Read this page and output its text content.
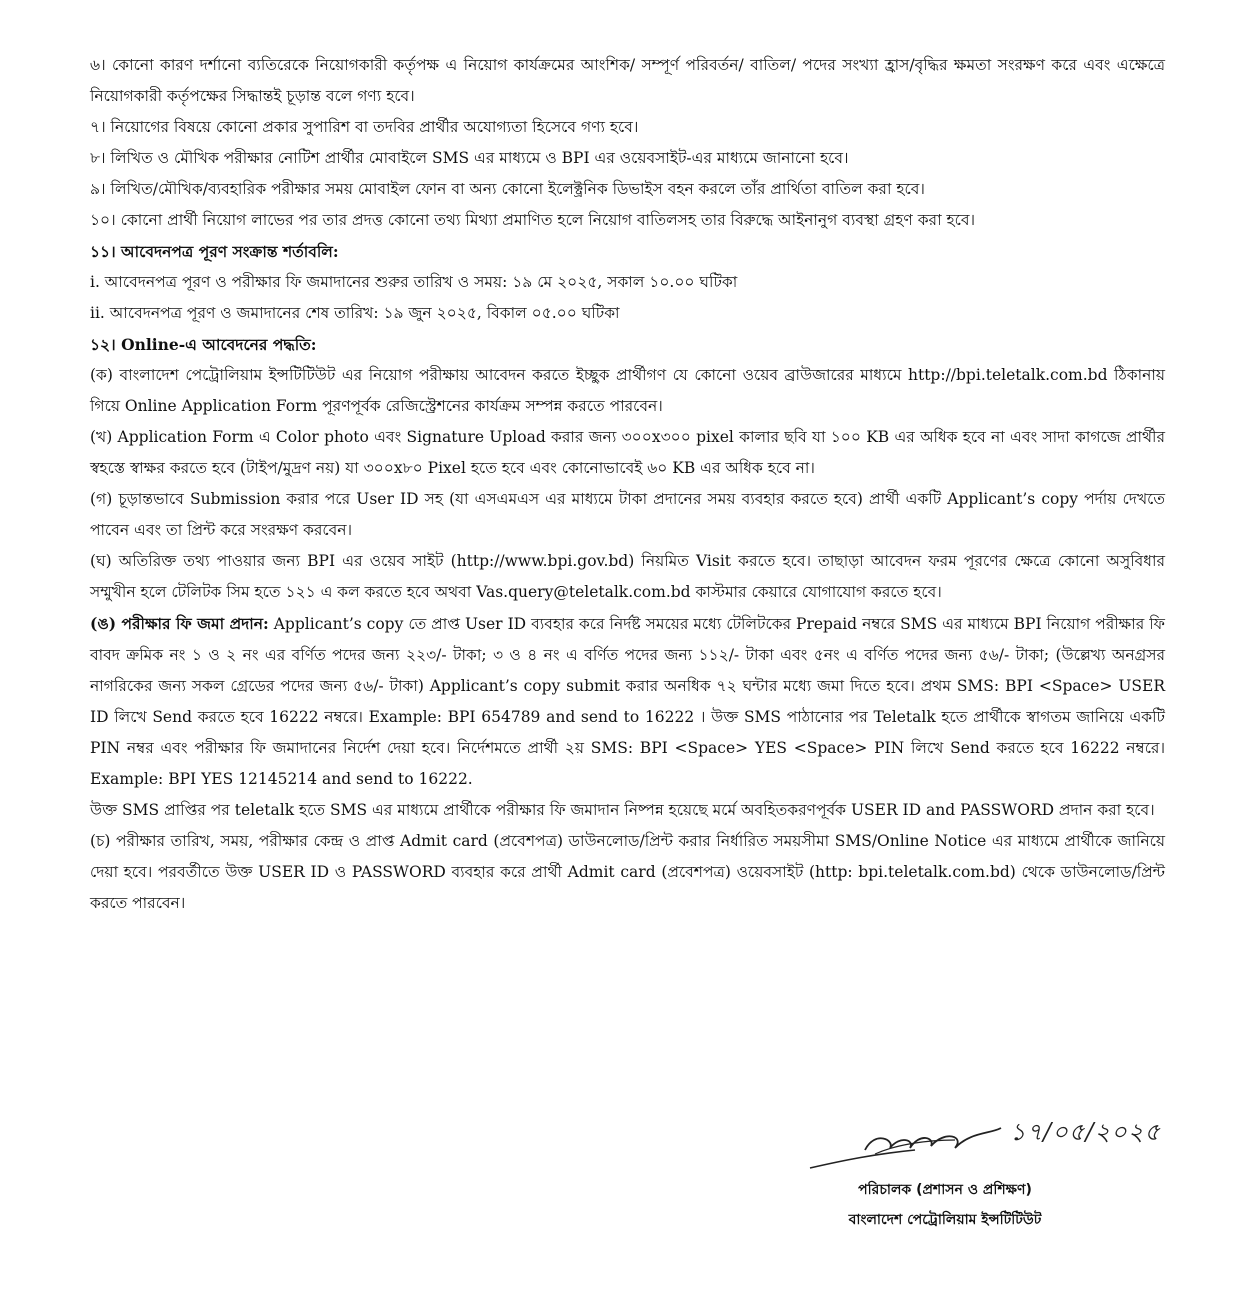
৬। কোনো কারণ দর্শানো ব্যতিরেকে নিয়োগকারী কর্তৃপক্ষ এ নিয়োগ কার্যক্রমের আংশিক/ সম্পূর্ণ পরিবর্তন/ বাতিল/ পদের সংখ্যা হ্রাস/বৃদ্ধির ক্ষমতা সংরক্ষণ করে এবং এক্ষেত্রে নিয়োগকারী কর্তৃপক্ষের সিদ্ধান্তই চূড়ান্ত বলে গণ্য হবে।

৭। নিয়োগের বিষয়ে কোনো প্রকার সুপারিশ বা তদবির প্রার্থীর অযোগ্যতা হিসেবে গণ্য হবে।

৮। লিখিত ও মৌখিক পরীক্ষার নোটিশ প্রার্থীর মোবাইলে SMS এর মাধ্যমে ও BPI এর ওয়েবসাইট-এর মাধ্যমে জানানো হবে।

৯। লিখিত/মৌখিক/ব্যবহারিক পরীক্ষার সময় মোবাইল ফোন বা অন্য কোনো ইলেক্ট্রনিক ডিভাইস বহন করলে তাঁর প্রার্থিতা বাতিল করা হবে।

১০। কোনো প্রার্থী নিয়োগ লাভের পর তার প্রদত্ত কোনো তথ্য মিথ্যা প্রমাণিত হলে নিয়োগ বাতিলসহ তার বিরুদ্ধে আইনানুগ ব্যবস্থা গ্রহণ করা হবে।

১১। আবেদনপত্র পূরণ সংক্রান্ত শর্তাবলি:

i. আবেদনপত্র পূরণ ও পরীক্ষার ফি জমাদানের শুরুর তারিখ ও সময়: ১৯ মে ২০২৫, সকাল ১০.০০ ঘটিকা

ii. আবেদনপত্র পূরণ ও জমাদানের শেষ তারিখ: ১৯ জুন ২০২৫, বিকাল ০৫.০০ ঘটিকা

১২। Online-এ আবেদনের পদ্ধতি:

(ক) বাংলাদেশ পেট্রোলিয়াম ইন্সটিটিউট এর নিয়োগ পরীক্ষায় আবেদন করতে ইচ্ছুক প্রার্থীগণ যে কোনো ওয়েব ব্রাউজারের মাধ্যমে http://bpi.teletalk.com.bd ঠিকানায় গিয়ে Online Application Form পূরণপূর্বক রেজিস্ট্রেশনের কার্যক্রম সম্পন্ন করতে পারবেন।

(খ) Application Form এ Color photo এবং Signature Upload করার জন্য ৩০০x৩০০ pixel কালার ছবি যা ১০০ KB এর অধিক হবে না এবং সাদা কাগজে প্রার্থীর স্বহস্তে স্বাক্ষর করতে হবে (টাইপ/মুদ্রণ নয়) যা ৩০০x৮০ Pixel হতে হবে এবং কোনোভাবেই ৬০ KB এর অধিক হবে না।

(গ) চূড়ান্তভাবে Submission করার পরে User ID সহ (যা এসএমএস এর মাধ্যমে টাকা প্রদানের সময় ব্যবহার করতে হবে) প্রার্থী একটি Applicant’s copy পর্দায় দেখতে পাবেন এবং তা প্রিন্ট করে সংরক্ষণ করবেন।

(ঘ) অতিরিক্ত তথ্য পাওয়ার জন্য BPI এর ওয়েব সাইট (http://www.bpi.gov.bd) নিয়মিত Visit করতে হবে। তাছাড়া আবেদন ফরম পূরণের ক্ষেত্রে কোনো অসুবিধার সম্মুখীন হলে টেলিটক সিম হতে ১২১ এ কল করতে হবে অথবা Vas.query@teletalk.com.bd কাস্টমার কেয়ারে যোগাযোগ করতে হবে।

(ঙ) পরীক্ষার ফি জমা প্রদান: Applicant’s copy তে প্রাপ্ত User ID ব্যবহার করে নির্দষ্ট সময়ের মধ্যে টেলিটকের Prepaid নম্বরে SMS এর মাধ্যমে BPI নিয়োগ পরীক্ষার ফি বাবদ ক্রমিক নং ১ ও ২ নং এর বর্ণিত পদের জন্য ২২৩/- টাকা; ৩ ও ৪ নং এ বর্ণিত পদের জন্য ১১২/- টাকা এবং ৫নং এ বর্ণিত পদের জন্য ৫৬/- টাকা; (উল্লেখ্য অনগ্রসর নাগরিকের জন্য সকল গ্রেডের পদের জন্য ৫৬/- টাকা) Applicant’s copy submit করার অনধিক ৭২ ঘন্টার মধ্যে জমা দিতে হবে। প্রথম SMS: BPI <Space> USER ID লিখে Send করতে হবে 16222 নম্বরে। Example: BPI 654789 and send to 16222 । উক্ত SMS পাঠানোর পর Teletalk হতে প্রার্থীকে স্বাগতম জানিয়ে একটি PIN নম্বর এবং পরীক্ষার ফি জমাদানের নির্দেশ দেয়া হবে। নির্দেশমতে প্রার্থী ২য় SMS: BPI <Space> YES <Space> PIN লিখে Send করতে হবে 16222 নম্বরে। Example: BPI YES 12145214 and send to 16222.

উক্ত SMS প্রাপ্তির পর teletalk হতে SMS এর মাধ্যমে প্রার্থীকে পরীক্ষার ফি জমাদান নিষ্পন্ন হয়েছে মর্মে অবহিতকরণপূর্বক USER ID and PASSWORD প্রদান করা হবে।

(চ) পরীক্ষার তারিখ, সময়, পরীক্ষার কেন্দ্র ও প্রাপ্ত Admit card (প্রবেশপত্র) ডাউনলোড/প্রিন্ট করার নির্ধারিত সময়সীমা SMS/Online Notice এর মাধ্যমে প্রার্থীকে জানিয়ে দেয়া হবে। পরবর্তীতে উক্ত USER ID ও PASSWORD ব্যবহার করে প্রার্থী Admit card (প্রবেশপত্র) ওয়েবসাইট (http: bpi.teletalk.com.bd) থেকে ডাউনলোড/প্রিন্ট করতে পারবেন।

১৭/০৫/২০২৫
পরিচালক (প্রশাসন ও প্রশিক্ষণ)
বাংলাদেশ পেট্রোলিয়াম ইন্সটিটিউট
